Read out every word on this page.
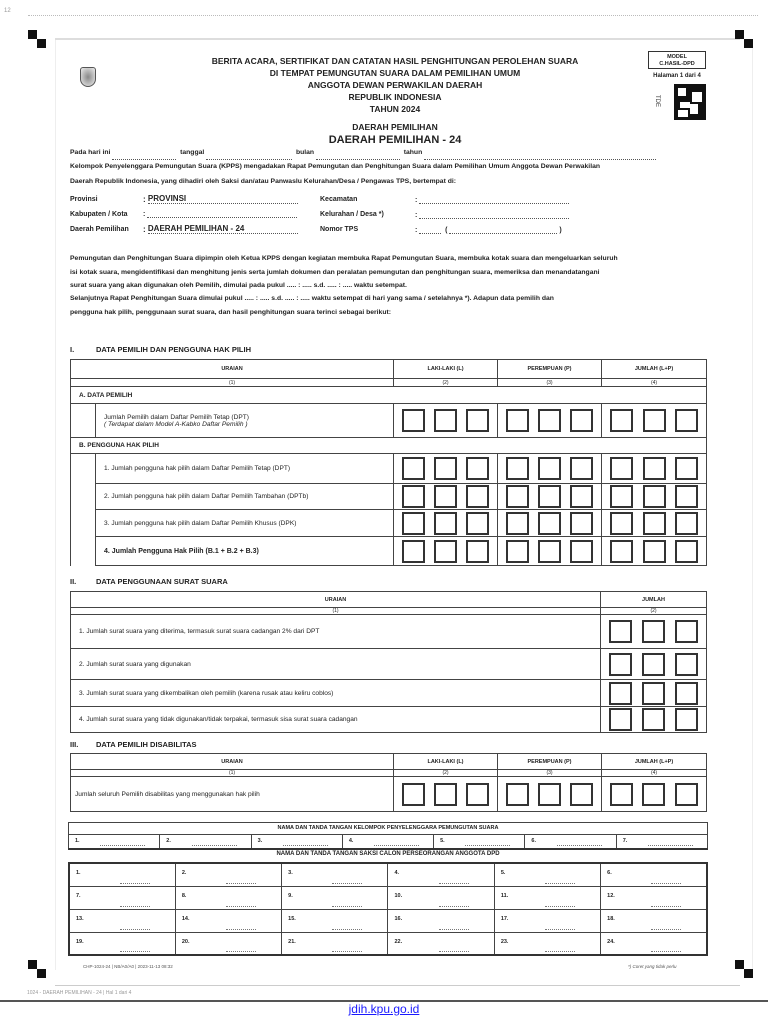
12
BERITA ACARA, SERTIFIKAT DAN CATATAN HASIL PENGHITUNGAN PEROLEHAN SUARA
DI TEMPAT PEMUNGUTAN SUARA DALAM PEMILIHAN UMUM
ANGGOTA DEWAN PERWAKILAN DAERAH
REPUBLIK INDONESIA
TAHUN 2024
DAERAH PEMILIHAN
DAERAH PEMILIHAN - 24
MODEL
C.HASIL-DPD
Halaman 1 dari 4
TDE
Pada hari ini	tanggal	bulan	tahun
Kelompok Penyelenggara Pemungutan Suara (KPPS) mengadakan Rapat Pemungutan dan Penghitungan Suara dalam Pemilihan Umum Anggota Dewan Perwakilan
Daerah Republik Indonesia, yang dihadiri oleh Saksi dan/atau Panwaslu Kelurahan/Desa / Pengawas TPS, bertempat di:
Provinsi	: PROVINSI
Kabupaten / Kota :
Daerah Pemilihan : DAERAH PEMILIHAN - 24
Kecamatan	:
Kelurahan / Desa *)	:
Nomor TPS	:	(	)
Pemungutan dan Penghitungan Suara dipimpin oleh Ketua KPPS dengan kegiatan membuka Rapat Pemungutan Suara, membuka kotak suara dan mengeluarkan seluruh
isi kotak suara, mengidentifikasi dan menghitung jenis serta jumlah dokumen dan peralatan pemungutan dan penghitungan suara, memeriksa dan menandatangani
surat suara yang akan digunakan oleh Pemilih, dimulai pada pukul ..... : ..... s.d. ..... : ..... waktu setempat.
Selanjutnya Rapat Penghitungan Suara dimulai pukul ..... : ..... s.d. ..... : ..... waktu setempat di hari yang sama / setelahnya *). Adapun data pemilih dan
pengguna hak pilih, penggunaan surat suara, dan hasil penghitungan suara terinci sebagai berikut:
I.	DATA PEMILIH DAN PENGGUNA HAK PILIH
URAIAN		LAKI-LAKI (L)	PEREMPUAN (P)	JUMLAH (L+P)
(1)		(2)	(3)	(4)
A. DATA PEMILIH				

	Jumlah Pemilih dalam Daftar Pemilih Tetap (DPT)
( Terdapat dalam Model A-Kabko Daftar Pemilih )			

B. PENGGUNA HAK PILIH				
	1. Jumlah pengguna hak pilih dalam Daftar Pemilih Tetap (DPT)	

	2. Jumlah pengguna hak pilih dalam Daftar Pemilih Tambahan (DPTb)	

	3. Jumlah pengguna hak pilih dalam Daftar Pemilih Khusus (DPK)	

	4. Jumlah Pengguna Hak Pilih (B.1 + B.2 + B.3)	

II.	DATA PENGGUNAAN SURAT SUARA
URAIAN	JUMLAH
(1)	(2)
1. Jumlah surat suara yang diterima, termasuk surat suara cadangan 2% dari DPT	

2. Jumlah surat suara yang digunakan	

3. Jumlah surat suara yang dikembalikan oleh pemilih (karena rusak atau keliru coblos)	

4. Jumlah surat suara yang tidak digunakan/tidak terpakai, termasuk sisa surat suara cadangan	
III. DATA PEMILIH DISABILITAS
URAIAN	LAKI-LAKI (L)	PEREMPUAN (P)	JUMLAH (L+P)
(1)	(2)	(3)	(4)
Jumlah seluruh Pemilih disabilitas yang menggunakan hak pilih	

NAMA DAN TANDA TANGAN KELOMPOK PENYELENGGARA PEMUNGUTAN SUARA
1.	2.	3.	4.	5.	6.	7.
NAMA DAN TANDA TANGAN SAKSI CALON PERSEORANGAN ANGGOTA DPD
1.	2.	3.	4.	5.	6.

7.	8.	9.	10.	11.	12.

13.	14.	15.	16.	17.	18.

19.	20.	21.	22.	23.	24.
CHP-1024-24 | NB/A0/A0 | 2023-11-13 08:32	*) Coret yang tidak perlu
1024 - DAERAH PEMILIHAN - 24 | Hal 1 dari 4
jdih.kpu.go.id
